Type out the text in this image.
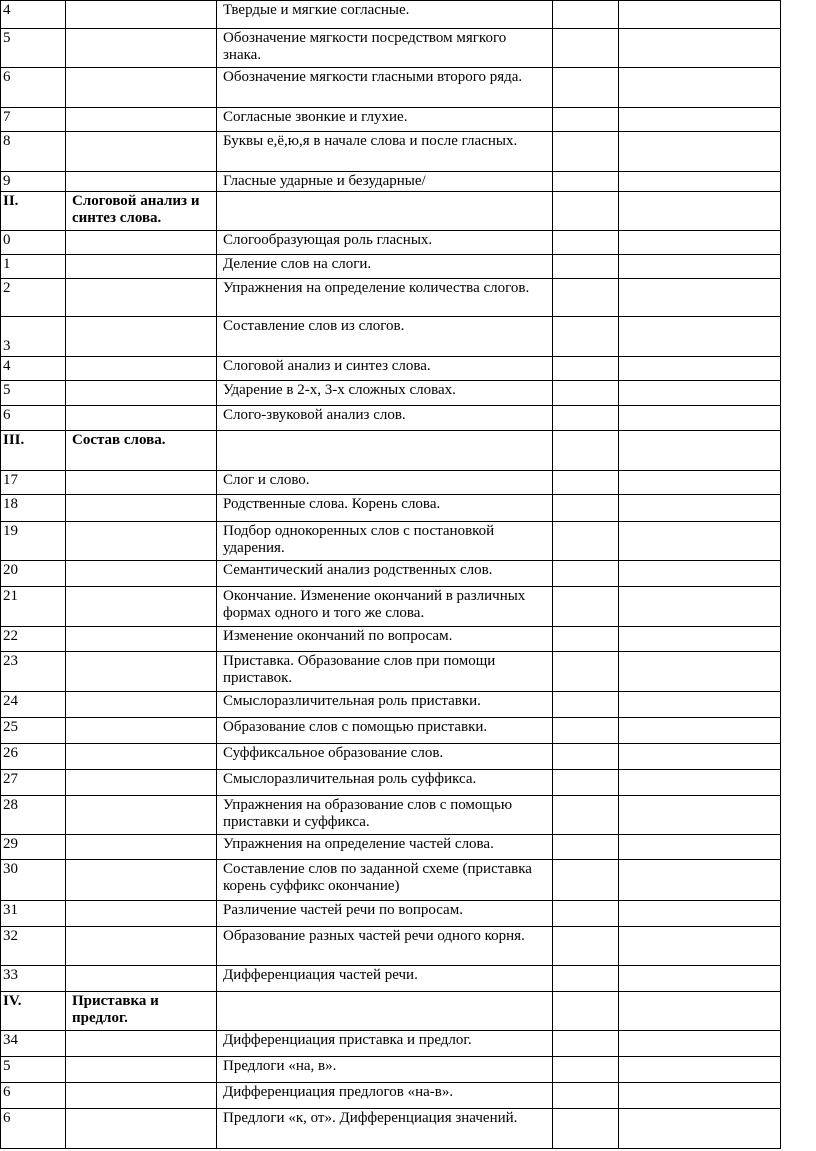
4		Твердые и мягкие согласные.		
5		Обозначение мягкости посредством мягкого знака.		
6		Обозначение мягкости гласными второго ряда.		
7		Согласные звонкие и глухие.		
8		Буквы е,ё,ю,я в начале слова и после гласных.		
9		Гласные ударные и безударные/		
II.	Слоговой анализ и синтез слова.			
0		Слогообразующая роль гласных.		
1		Деление слов на слоги.		
2		Упражнения на определение количества слогов.		
3		Составление слов из слогов.		
4		Слоговой анализ и синтез слова.		
5		Ударение в 2-х, 3-х сложных словах.		
6		Слого-звуковой анализ слов.		
III.	Состав слова.			
17		Слог и слово.		
18		Родственные слова. Корень слова.		
19		Подбор однокоренных слов с постановкой ударения.		
20		Семантический анализ родственных слов.		
21		Окончание. Изменение окончаний в различных формах одного и того же слова.		
22		Изменение окончаний по вопросам.		
23		Приставка. Образование слов при помощи приставок.		
24		Смыслоразличительная роль приставки.		
25		Образование слов с помощью приставки.		
26		Суффиксальное образование слов.		
27		Смыслоразличительная роль суффикса.		
28		Упражнения на образование слов с помощью приставки и суффикса.		
29		Упражнения на определение частей слова.		
30		Составление слов по заданной схеме (приставка корень суффикс окончание)		
31		Различение частей речи по вопросам.		
32		Образование разных частей речи одного корня.		
33		Дифференциация частей речи.		
IV.	Приставка и предлог.			
34		Дифференциация приставка и предлог.		
5		Предлоги «на, в».		
6		Дифференциация предлогов «на-в».		
6		Предлоги «к, от». Дифференциация значений.		
